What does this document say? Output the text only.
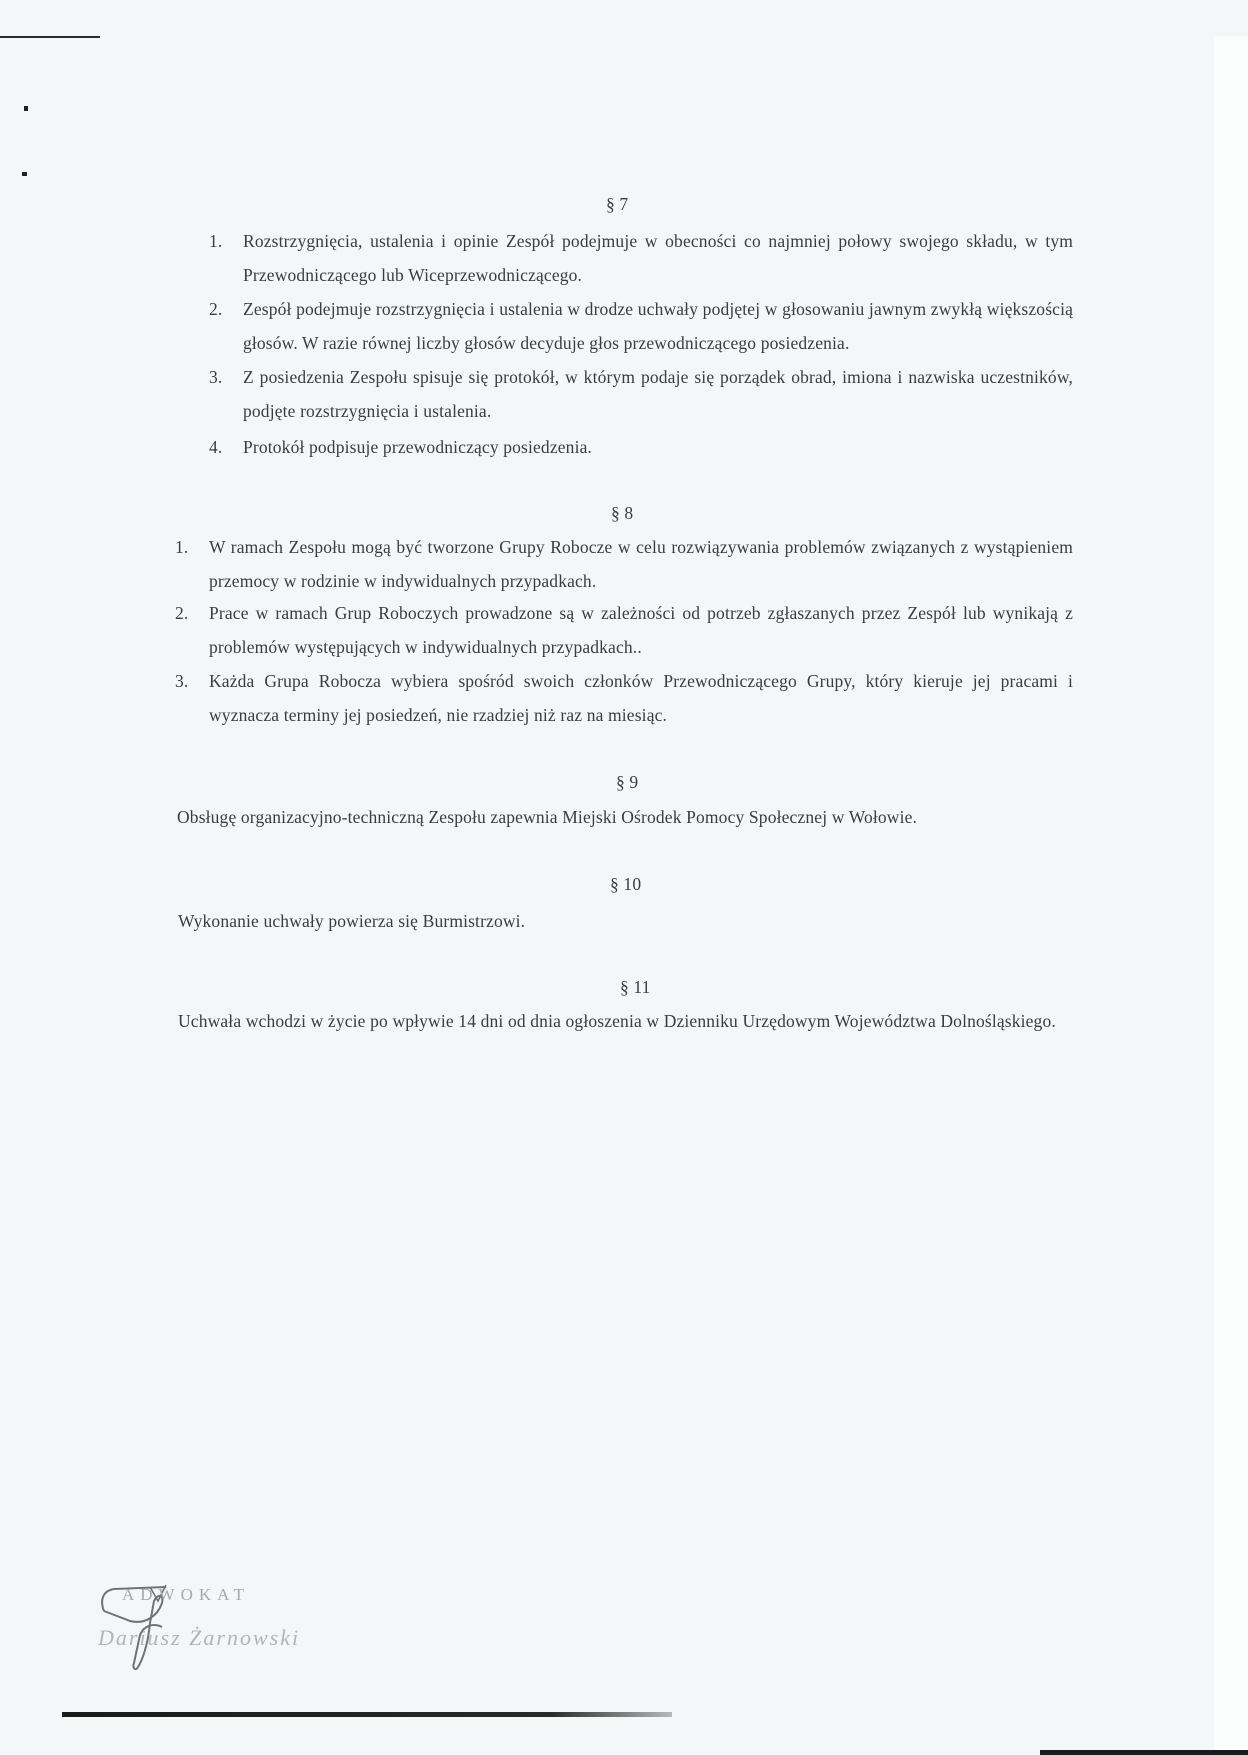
§ 7
1. Rozstrzygnięcia, ustalenia i opinie Zespół podejmuje w obecności co najmniej połowy swojego składu, w tym Przewodniczącego lub Wiceprzewodniczącego.
2. Zespół podejmuje rozstrzygnięcia i ustalenia w drodze uchwały podjętej w głosowaniu jawnym zwykłą większością głosów. W razie równej liczby głosów decyduje głos przewodniczącego posiedzenia.
3. Z posiedzenia Zespołu spisuje się protokół, w którym podaje się porządek obrad, imiona i nazwiska uczestników, podjęte rozstrzygnięcia i ustalenia.
4. Protokół podpisuje przewodniczący posiedzenia.
§ 8
1. W ramach Zespołu mogą być tworzone Grupy Robocze w celu rozwiązywania problemów związanych z wystąpieniem przemocy w rodzinie w indywidualnych przypadkach.
2. Prace w ramach Grup Roboczych prowadzone są w zależności od potrzeb zgłaszanych przez Zespół lub wynikają z problemów występujących w indywidualnych przypadkach..
3. Każda Grupa Robocza wybiera spośród swoich członków Przewodniczącego Grupy, który kieruje jej pracami i wyznacza terminy jej posiedzeń, nie rzadziej niż raz na miesiąc.
§ 9
Obsługę organizacyjno-techniczną Zespołu zapewnia Miejski Ośrodek Pomocy Społecznej w Wołowie.
§ 10
Wykonanie uchwały powierza się Burmistrzowi.
§ 11
Uchwała wchodzi w życie po wpływie 14 dni od dnia ogłoszenia w Dzienniku Urzędowym Województwa Dolnośląskiego.
ADWOKAT
Dariusz Żarnowski
